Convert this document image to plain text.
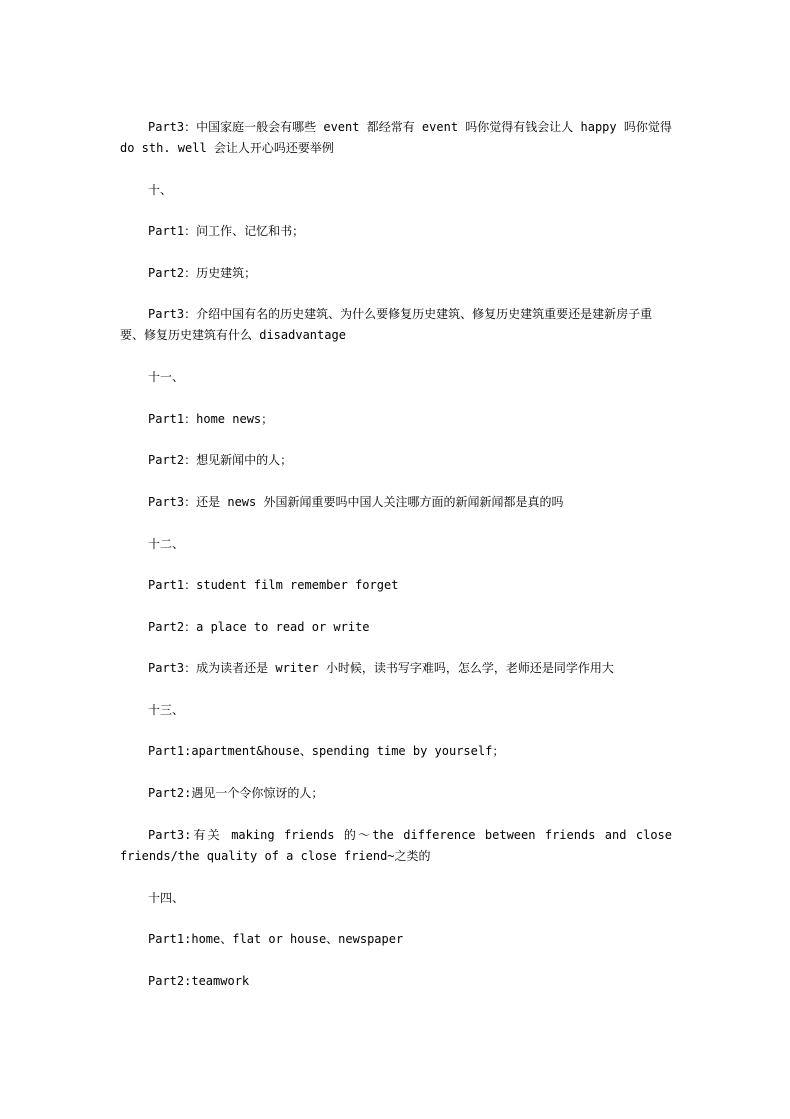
Part3：中国家庭一般会有哪些 event 都经常有 event 吗你觉得有钱会让人 happy 吗你觉得 do sth. well 会让人开心吗还要举例

十、

Part1：问工作、记忆和书；

Part2：历史建筑；

Part3：介绍中国有名的历史建筑、为什么要修复历史建筑、修复历史建筑重要还是建新房子重要、修复历史建筑有什么 disadvantage

十一、

Part1：home news；

Part2：想见新闻中的人；

Part3：还是 news 外国新闻重要吗中国人关注哪方面的新闻新闻都是真的吗

十二、

Part1：student film remember forget

Part2：a place to read or write

Part3：成为读者还是 writer 小时候，读书写字难吗，怎么学，老师还是同学作用大

十三、

Part1:apartment&house、spending time by yourself；

Part2:遇见一个令你惊讶的人；

Part3:有关 making friends 的～the difference between friends and close friends/the quality of a close friend~之类的

十四、

Part1:home、flat or house、newspaper

Part2:teamwork
